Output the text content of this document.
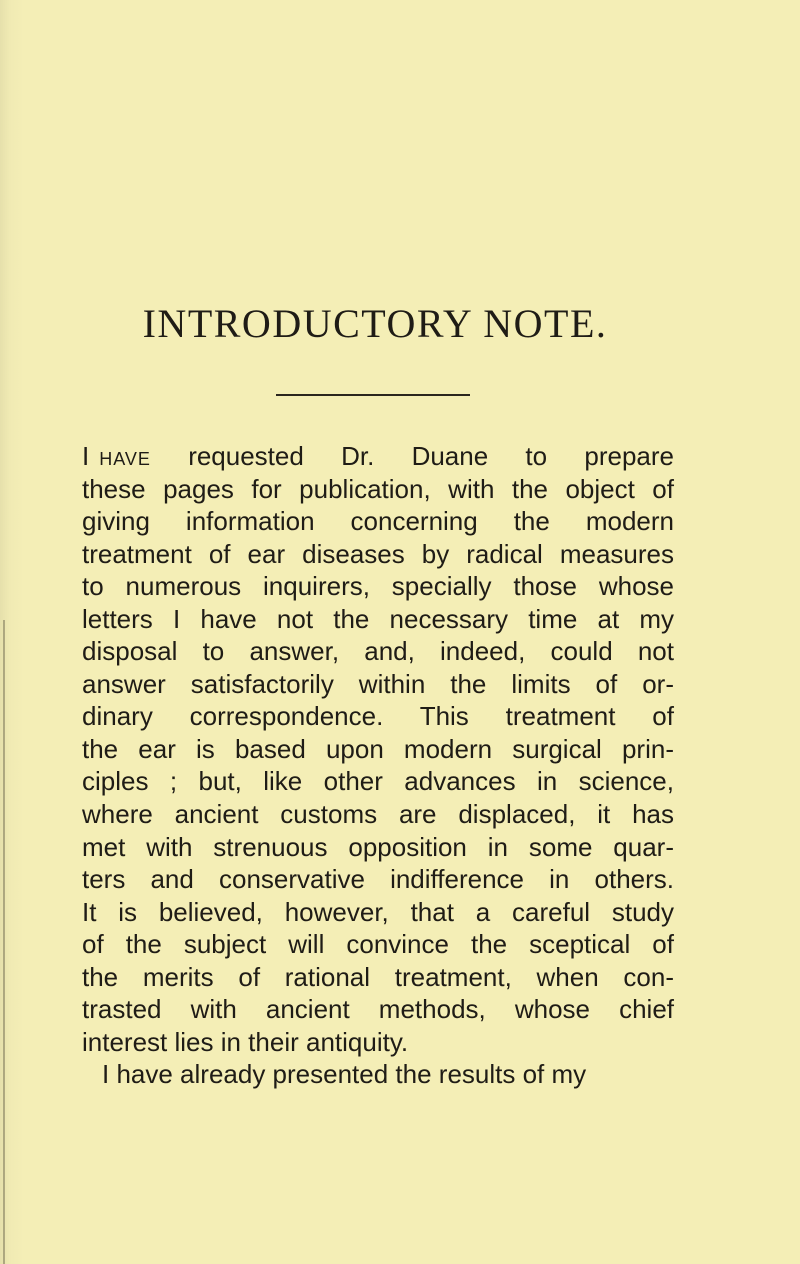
INTRODUCTORY NOTE.
I have requested Dr. Duane to prepare
these pages for publication, with the object of
giving information concerning the modern
treatment of ear diseases by radical measures
to numerous inquirers, specially those whose
letters I have not the necessary time at my
disposal to answer, and, indeed, could not
answer satisfactorily within the limits of or-
dinary correspondence. This treatment of
the ear is based upon modern surgical prin-
ciples ; but, like other advances in science,
where ancient customs are displaced, it has
met with strenuous opposition in some quar-
ters and conservative indifference in others.
It is believed, however, that a careful study
of the subject will convince the sceptical of
the merits of rational treatment, when con-
trasted with ancient methods, whose chief
interest lies in their antiquity.
I have already presented the results of my
